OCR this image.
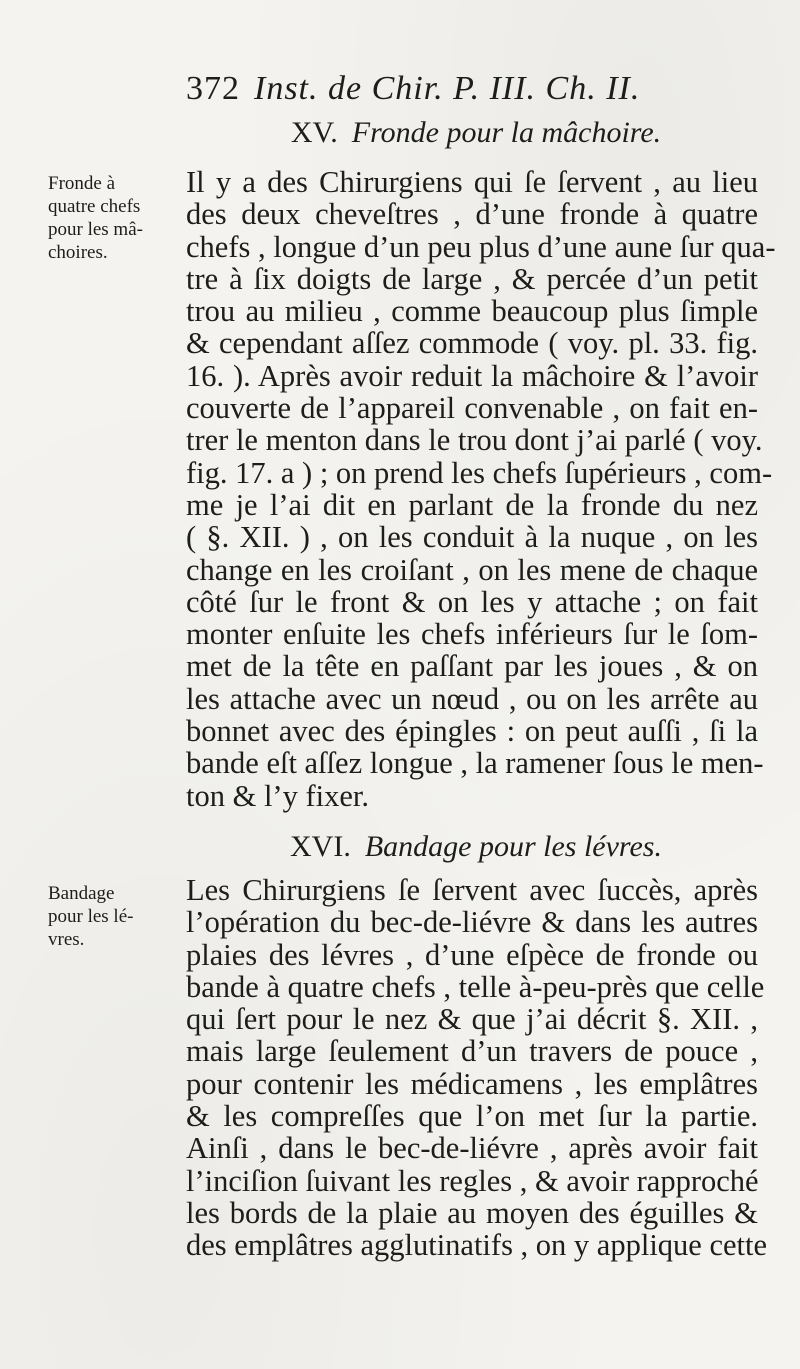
372 Inst. de Chir. P. III. Ch. II.
XV. Fronde pour la mâchoire.
Fronde à
quatre chefs
pour les mâ-
choires.
Il y a des Chirurgiens qui ſe ſervent , au lieu
des deux cheveſtres , d’une fronde à quatre
chefs , longue d’un peu plus d’une aune ſur qua-
tre à ſix doigts de large , & percée d’un petit
trou au milieu , comme beaucoup plus ſimple
& cependant aſſez commode ( voy. pl. 33. fig.
16. ). Après avoir reduit la mâchoire & l’avoir
couverte de l’appareil convenable , on fait en-
trer le menton dans le trou dont j’ai parlé ( voy.
fig. 17. a ) ; on prend les chefs ſupérieurs , com-
me je l’ai dit en parlant de la fronde du nez
( §. XII. ) , on les conduit à la nuque , on les
change en les croiſant , on les mene de chaque
côté ſur le front & on les y attache ; on fait
monter enſuite les chefs inférieurs ſur le ſom-
met de la tête en paſſant par les joues , & on
les attache avec un nœud , ou on les arrête au
bonnet avec des épingles : on peut auſſi , ſi la
bande eſt aſſez longue , la ramener ſous le men-
ton & l’y fixer.
XVI. Bandage pour les lévres.
Bandage
pour les lé-
vres.
Les Chirurgiens ſe ſervent avec ſuccès, après
l’opération du bec-de-liévre & dans les autres
plaies des lévres , d’une eſpèce de fronde ou
bande à quatre chefs , telle à-peu-près que celle
qui ſert pour le nez & que j’ai décrit §. XII. ,
mais large ſeulement d’un travers de pouce ,
pour contenir les médicamens , les emplâtres
& les compreſſes que l’on met ſur la partie.
Ainſi , dans le bec-de-liévre , après avoir fait
l’inciſion ſuivant les regles , & avoir rapproché
les bords de la plaie au moyen des éguilles &
des emplâtres agglutinatifs , on y applique cette
